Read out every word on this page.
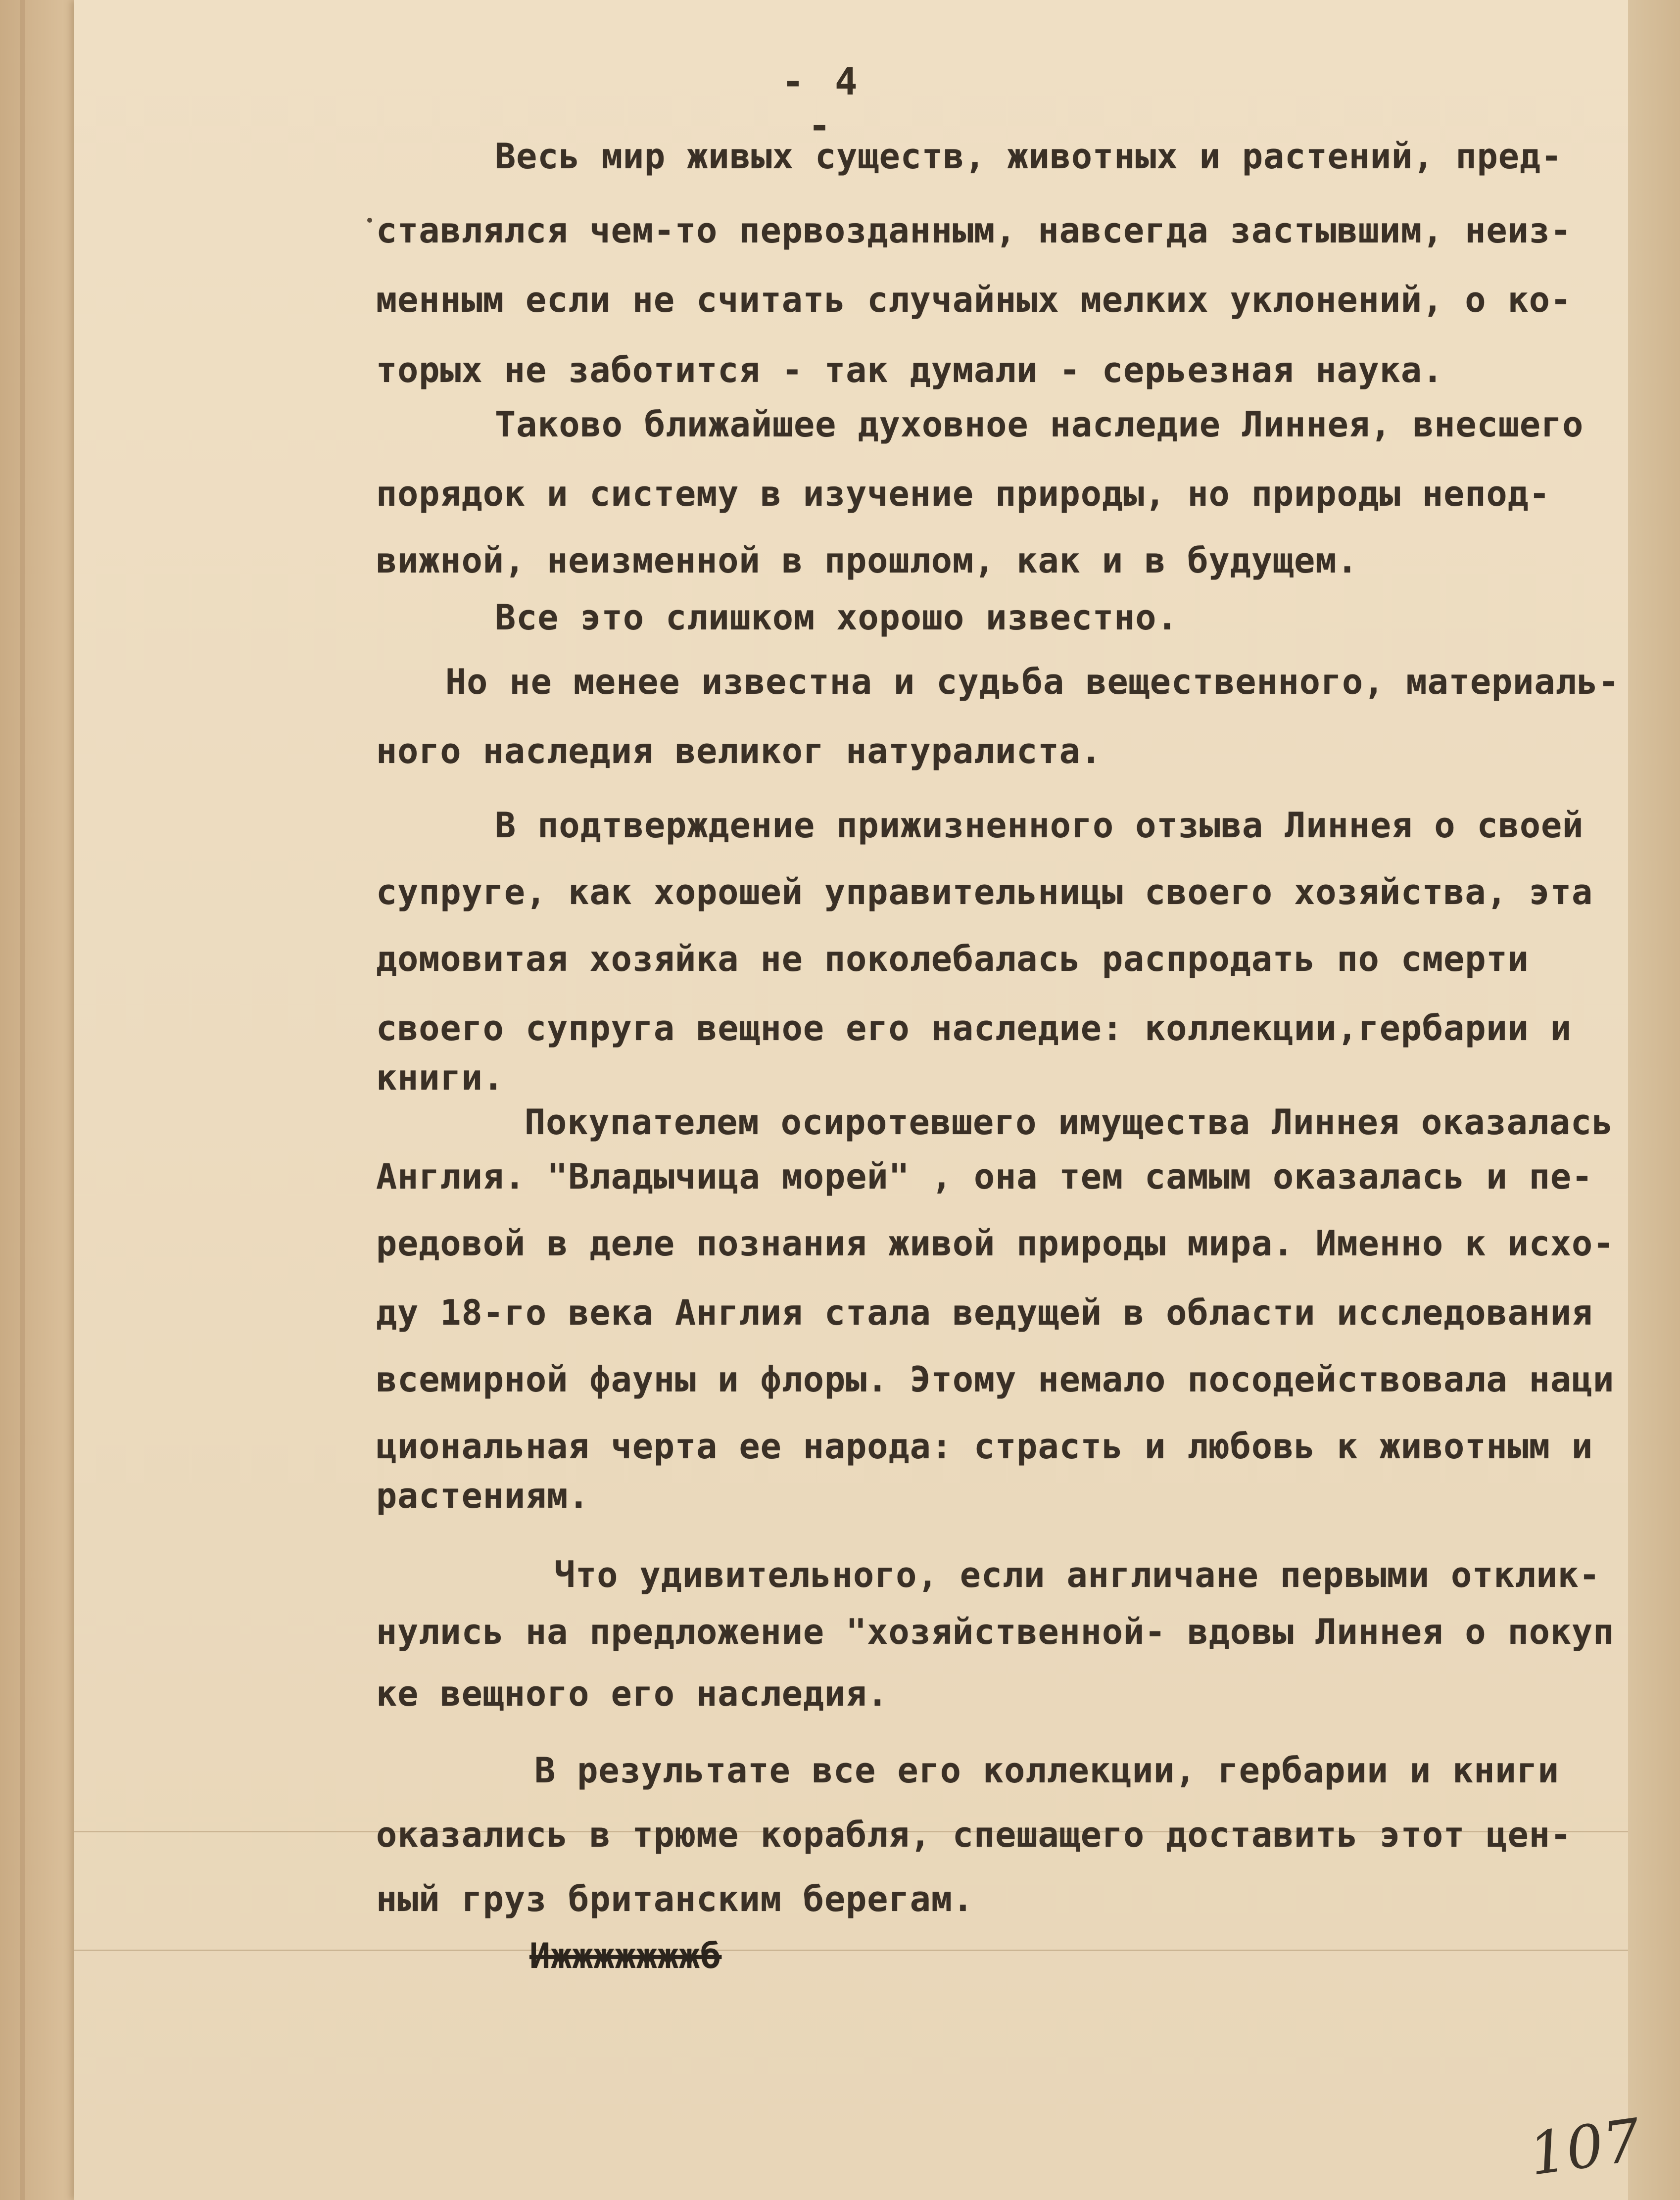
- 4 -
Весь мир живых существ, животных и растений, пред-
ставлялся чем-то первозданным, навсегда застывшим, неиз-
менным если не считать случайных мелких уклонений, о ко-
торых не заботится - так думали - серьезная наука.
Таково ближайшее духовное наследие Линнея, внесшего
порядок и систему в изучение природы, но природы непод-
вижной, неизменной в прошлом, как и в будущем.
Все это слишком хорошо известно.
Но не менее известна и судьба вещественного, материаль-
ного наследия великог натуралиста.
В подтверждение прижизненного отзыва Линнея о своей
супруге, как хорошей управительницы своего хозяйства, эта
домовитая хозяйка не поколебалась распродать по смерти
своего супруга вещное его наследие: коллекции,гербарии и
книги.
Покупателем осиротевшего имущества Линнея оказалась
Англия. "Владычица морей" , она тем самым оказалась и пе-
редовой в деле познания живой природы мира. Именно к исхо-
ду 18-го века Англия стала ведущей в области исследования
всемирной фауны и флоры. Этому немало посодействовала наци
циональная черта ее народа: страсть и любовь к животным и
растениям.
Что удивительного, если англичане первыми отклик-
нулись на предложение "хозяйственной- вдовы Линнея о покуп
ке вещного его наследия.
В результате все его коллекции, гербарии и книги
оказались в трюме корабля, спешащего доставить этот цен-
ный груз британским берегам.
Ижжжжжжжб
107
